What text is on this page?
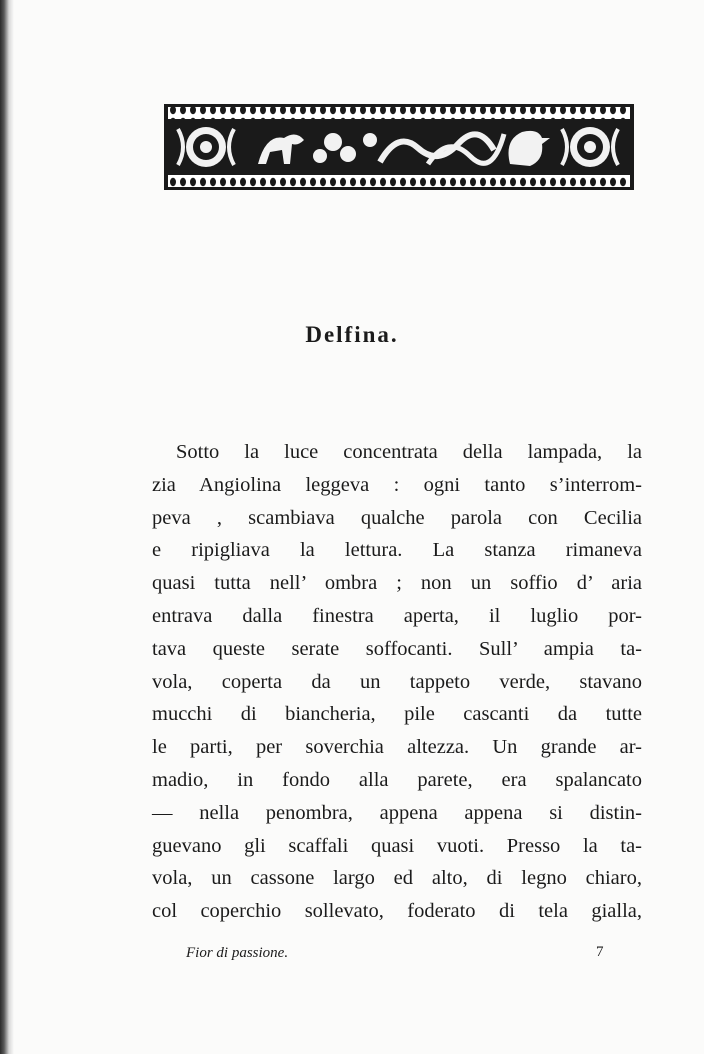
Delfina.
Sotto la luce concentrata della lampada, la
zia Angiolina leggeva : ogni tanto s’interrom-
peva , scambiava qualche parola con Cecilia
e ripigliava la lettura. La stanza rimaneva
quasi tutta nell’ ombra ; non un soffio d’ aria
entrava dalla finestra aperta, il luglio por-
tava queste serate soffocanti. Sull’ ampia ta-
vola, coperta da un tappeto verde, stavano
mucchi di biancheria, pile cascanti da tutte
le parti, per soverchia altezza. Un grande ar-
madio, in fondo alla parete, era spalancato
— nella penombra, appena appena si distin-
guevano gli scaffali quasi vuoti. Presso la ta-
vola, un cassone largo ed alto, di legno chiaro,
col coperchio sollevato, foderato di tela gialla,
Fior di passione.	7
